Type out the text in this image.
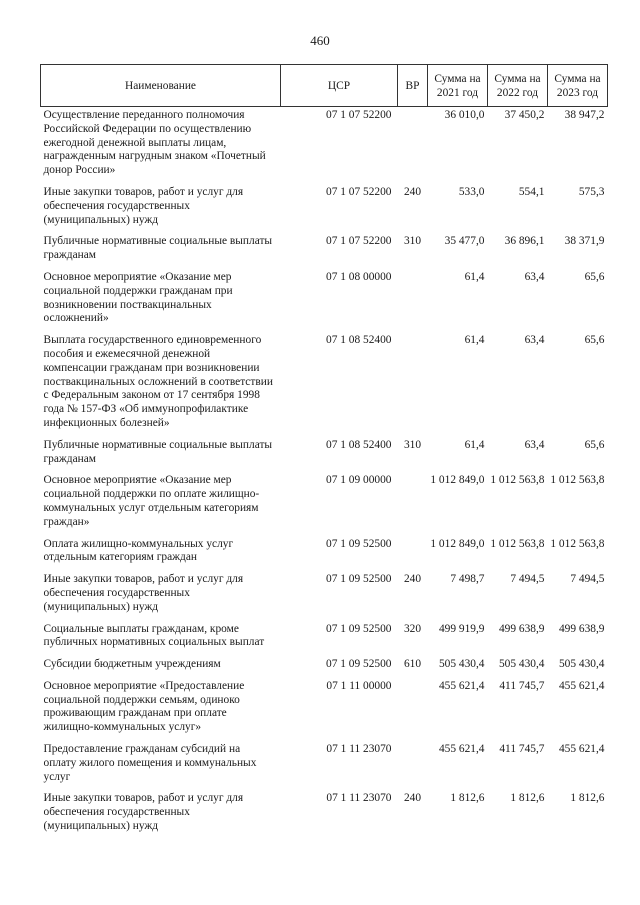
460
Наименование	ЦСР	ВР	Сумма на 2021 год	Сумма на 2022 год	Сумма на 2023 год
Осуществление переданного полномочия Российской Федерации по осуществлению ежегодной денежной выплаты лицам, награжденным нагрудным знаком «Почетный донор России»	07 1 07 52200		36 010,0	37 450,2	38 947,2
Иные закупки товаров, работ и услуг для обеспечения государственных (муниципальных) нужд	07 1 07 52200	240	533,0	554,1	575,3
Публичные нормативные социальные выплаты гражданам	07 1 07 52200	310	35 477,0	36 896,1	38 371,9
Основное мероприятие «Оказание мер социальной поддержки гражданам при возникновении поствакцинальных осложнений»	07 1 08 00000		61,4	63,4	65,6
Выплата государственного единовременного пособия и ежемесячной денежной компенсации гражданам при возникновении поствакцинальных осложнений в соответствии с Федеральным законом от 17 сентября 1998 года № 157-ФЗ «Об иммунопрофилактике инфекционных болезней»	07 1 08 52400		61,4	63,4	65,6
Публичные нормативные социальные выплаты гражданам	07 1 08 52400	310	61,4	63,4	65,6
Основное мероприятие «Оказание мер социальной поддержки по оплате жилищно-коммунальных услуг отдельным категориям граждан»	07 1 09 00000		1 012 849,0	1 012 563,8	1 012 563,8
Оплата жилищно-коммунальных услуг отдельным категориям граждан	07 1 09 52500		1 012 849,0	1 012 563,8	1 012 563,8
Иные закупки товаров, работ и услуг для обеспечения государственных (муниципальных) нужд	07 1 09 52500	240	7 498,7	7 494,5	7 494,5
Социальные выплаты гражданам, кроме публичных нормативных социальных выплат	07 1 09 52500	320	499 919,9	499 638,9	499 638,9
Субсидии бюджетным учреждениям	07 1 09 52500	610	505 430,4	505 430,4	505 430,4
Основное мероприятие «Предоставление социальной поддержки семьям, одиноко проживающим гражданам при оплате жилищно-коммунальных услуг»	07 1 11 00000		455 621,4	411 745,7	455 621,4
Предоставление гражданам субсидий на оплату жилого помещения и коммунальных услуг	07 1 11 23070		455 621,4	411 745,7	455 621,4
Иные закупки товаров, работ и услуг для обеспечения государственных (муниципальных) нужд	07 1 11 23070	240	1 812,6	1 812,6	1 812,6
